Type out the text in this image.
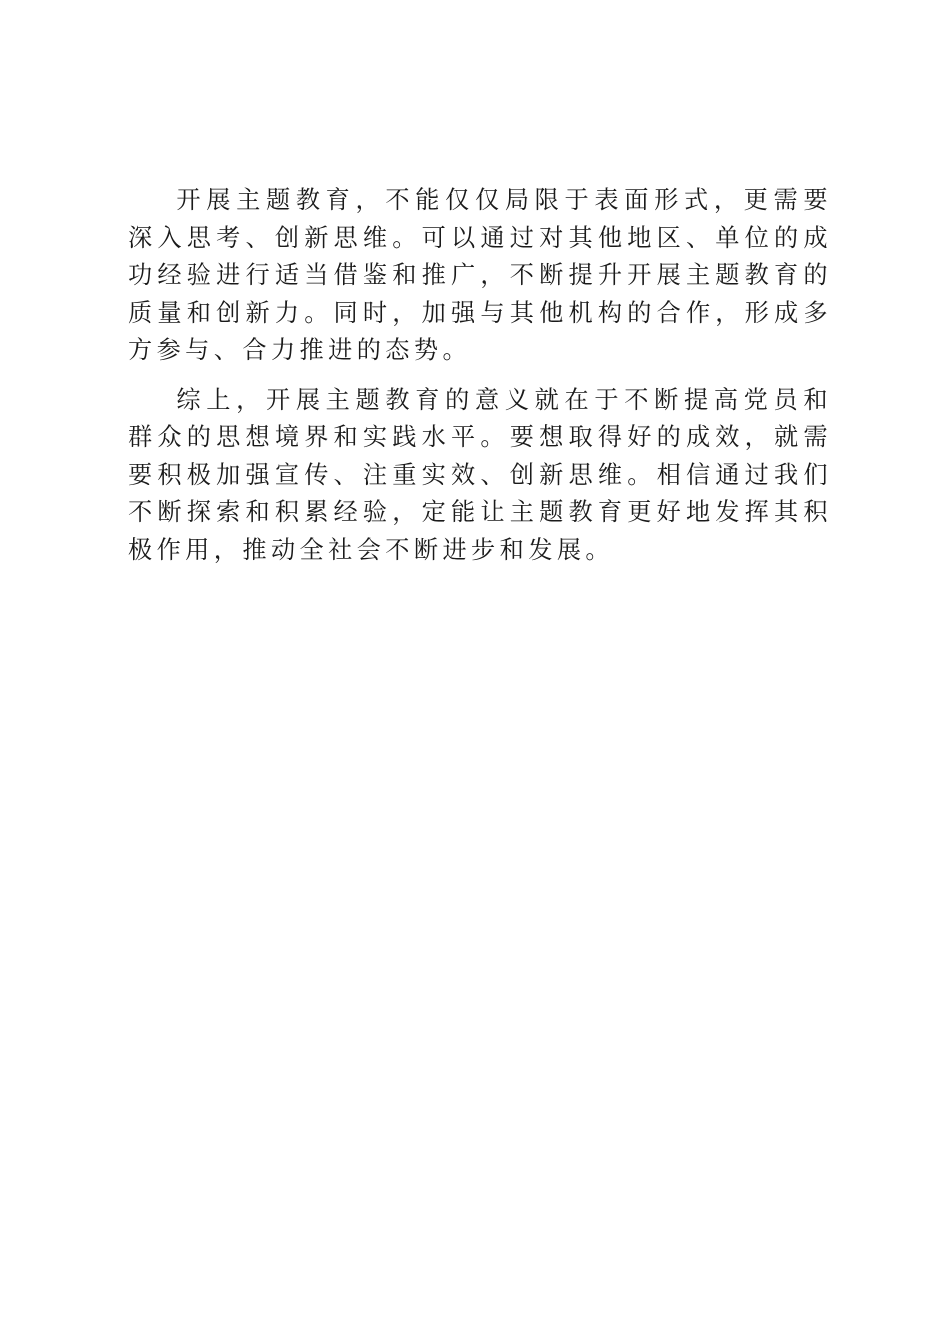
开展主题教育，不能仅仅局限于表面形式，更需要深入思考、创新思维。可以通过对其他地区、单位的成功经验进行适当借鉴和推广，不断提升开展主题教育的质量和创新力。同时，加强与其他机构的合作，形成多方参与、合力推进的态势。

综上，开展主题教育的意义就在于不断提高党员和群众的思想境界和实践水平。要想取得好的成效，就需要积极加强宣传、注重实效、创新思维。相信通过我们不断探索和积累经验，定能让主题教育更好地发挥其积极作用，推动全社会不断进步和发展。
